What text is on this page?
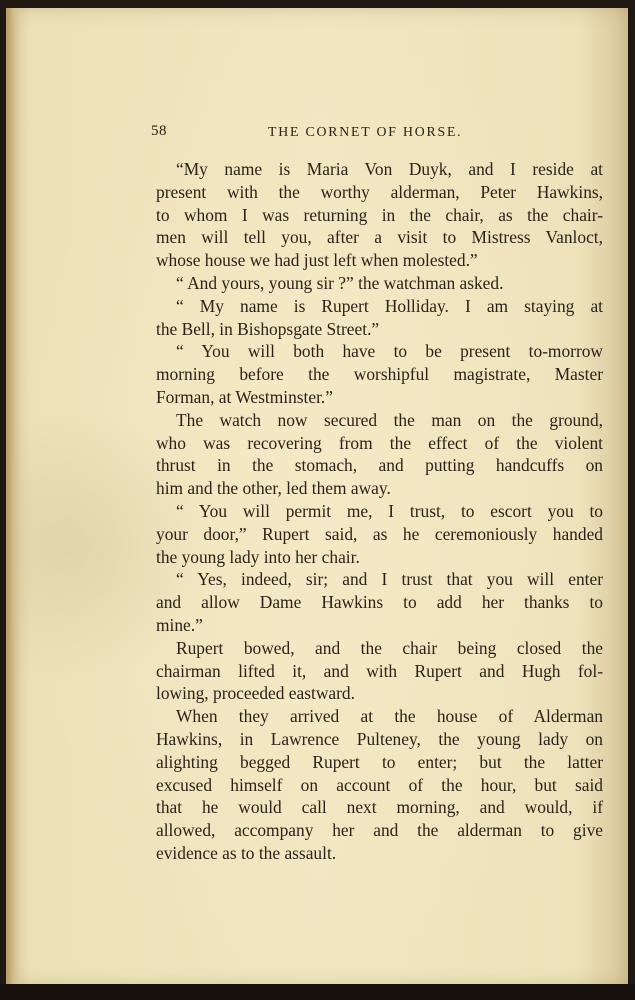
58	THE CORNET OF HORSE.
“My name is Maria Von Duyk, and I reside at
present with the worthy alderman, Peter Hawkins,
to whom I was returning in the chair, as the chair-
men will tell you, after a visit to Mistress Vanloct,
whose house we had just left when molested.”
“ And yours, young sir ?” the watchman asked.
“ My name is Rupert Holliday. I am staying at
the Bell, in Bishopsgate Street.”
“ You will both have to be present to-morrow
morning before the worshipful magistrate, Master
Forman, at Westminster.”
The watch now secured the man on the ground,
who was recovering from the effect of the violent
thrust in the stomach, and putting handcuffs on
him and the other, led them away.
“ You will permit me, I trust, to escort you to
your door,” Rupert said, as he ceremoniously handed
the young lady into her chair.
“ Yes, indeed, sir; and I trust that you will enter
and allow Dame Hawkins to add her thanks to
mine.”
Rupert bowed, and the chair being closed the
chairman lifted it, and with Rupert and Hugh fol-
lowing, proceeded eastward.
When they arrived at the house of Alderman
Hawkins, in Lawrence Pulteney, the young lady on
alighting begged Rupert to enter; but the latter
excused himself on account of the hour, but said
that he would call next morning, and would, if
allowed, accompany her and the alderman to give
evidence as to the assault.
